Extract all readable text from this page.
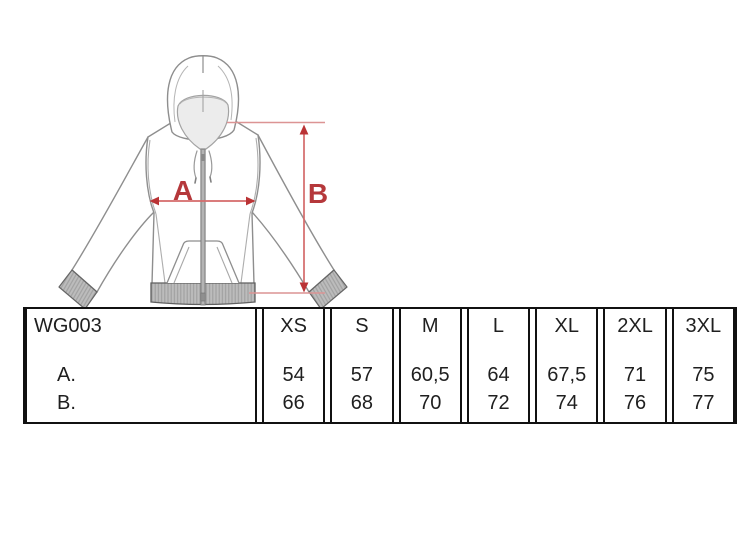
A	B
WG003
A.
B.
XS
54
66
S
57
68
M
60,5
70
L
64
72
XL
67,5
74
2XL
71
76
3XL
75
77
